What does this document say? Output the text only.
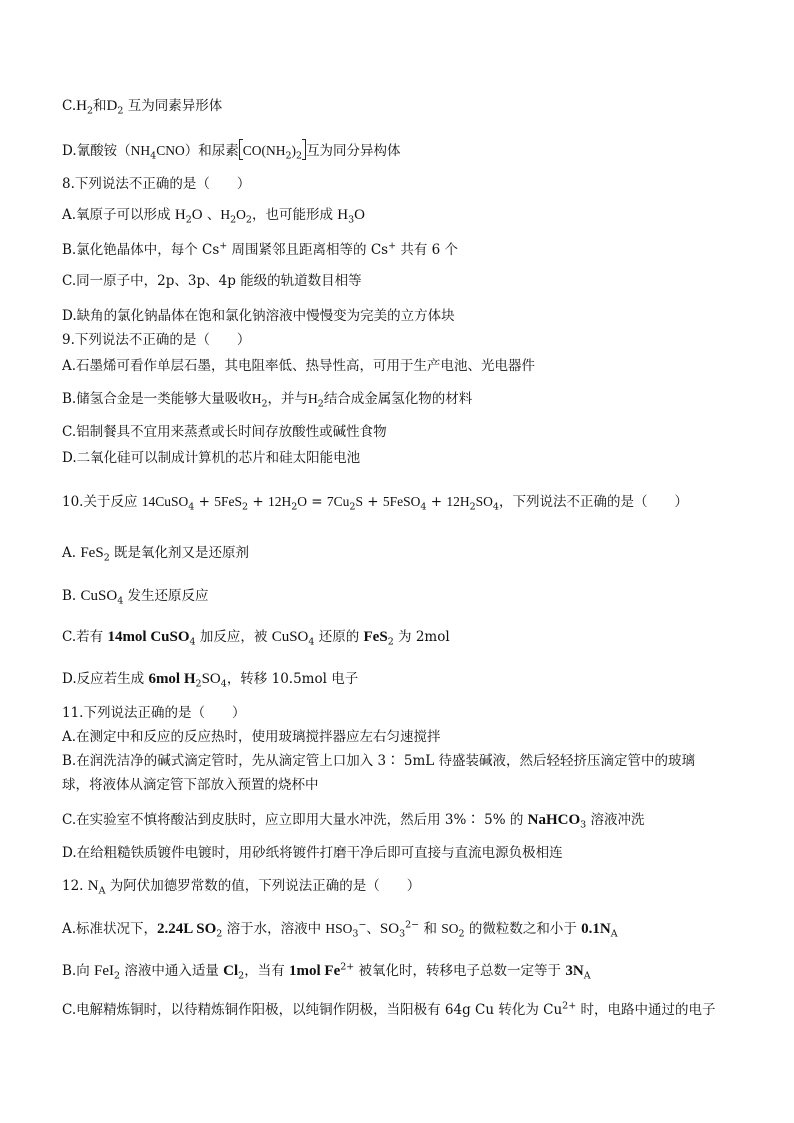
$C.H_2$和$D_2$ 互为同素异形体
D.氰酸铵$(NH_4CNO)$和尿素 $CO(NH_2)_2$ 互为同分异构体
8.下列说法不正确的是（　　）
A.氧原子可以形成 $H_2O$ 、$H_2O_2$，也可能形成 $H_3O$
B.氯化铯晶体中，每个 Cs+ 周围紧邻且距离相等的 Cs+ 共有 6 个
C.同一原子中，2p、3p、4p 能级的轨道数目相等
D.缺角的氯化钠晶体在饱和氯化钠溶液中慢慢变为完美的立方体块
9.下列说法不正确的是（　　）
A.石墨烯可看作单层石墨，其电阻率低、热导性高，可用于生产电池、光电器件
B.储氢合金是一类能够大量吸收$H_2$，并与$H_2$结合成金属氢化物的材料
C.铝制餐具不宜用来蒸煮或长时间存放酸性或碱性食物
D.二氧化硅可以制成计算机的芯片和硅太阳能电池
10.关于反应 14CuSO$_4$ + $5FeS_2 + 12H_2O = 7Cu_2S$ + 5FeSO$_4$ + $12H_2SO_4$，下列说法不正确的是（　　）
A. FeS$_2$ 既是氧化剂又是还原剂
B. CuSO$_4$ 发生还原反应
C.若有 14mol CuSO$_4$ 加反应，被 CuSO$_4$ 还原的 FeS$_2$ 为 2mol
D.反应若生成 6mol $H_2SO_4$，转移 10.5mol 电子
11.下列说法正确的是（　　）
A.在测定中和反应的反应热时，使用玻璃搅拌器应左右匀速搅拌
B.在润洗洁净的碱式滴定管时，先从滴定管上口加入 3∶ 5mL 待盛装碱液，然后轻轻挤压滴定管中的玻璃
球，将液体从滴定管下部放入预置的烧杯中
C.在实验室不慎将酸沾到皮肤时，应立即用大量水冲洗，然后用 3%∶ 5% 的 NaHCO$_3$ 溶液冲洗
D.在给粗糙铁质镀件电镀时，用砂纸将镀件打磨干净后即可直接与直流电源负极相连
12. $N_A$ 为阿伏加德罗常数的值，下列说法正确的是（　　）
A.标准状况下，2.24L $SO_2$ 溶于水，溶液中 $HSO_3^-$、$SO_3^{2-}$ 和 $SO_2$ 的微粒数之和小于 $0.1N_A$
B.向 FeI$_2$ 溶液中通入适量 $Cl_2$，当有 1mol $Fe^{2+}$ 被氧化时，转移电子总数一定等于 $3N_A$
C.电解精炼铜时，以待精炼铜作阳极，以纯铜作阴极，当阳极有 64g Cu 转化为 $Cu^{2+}$ 时，电路中通过的电子
